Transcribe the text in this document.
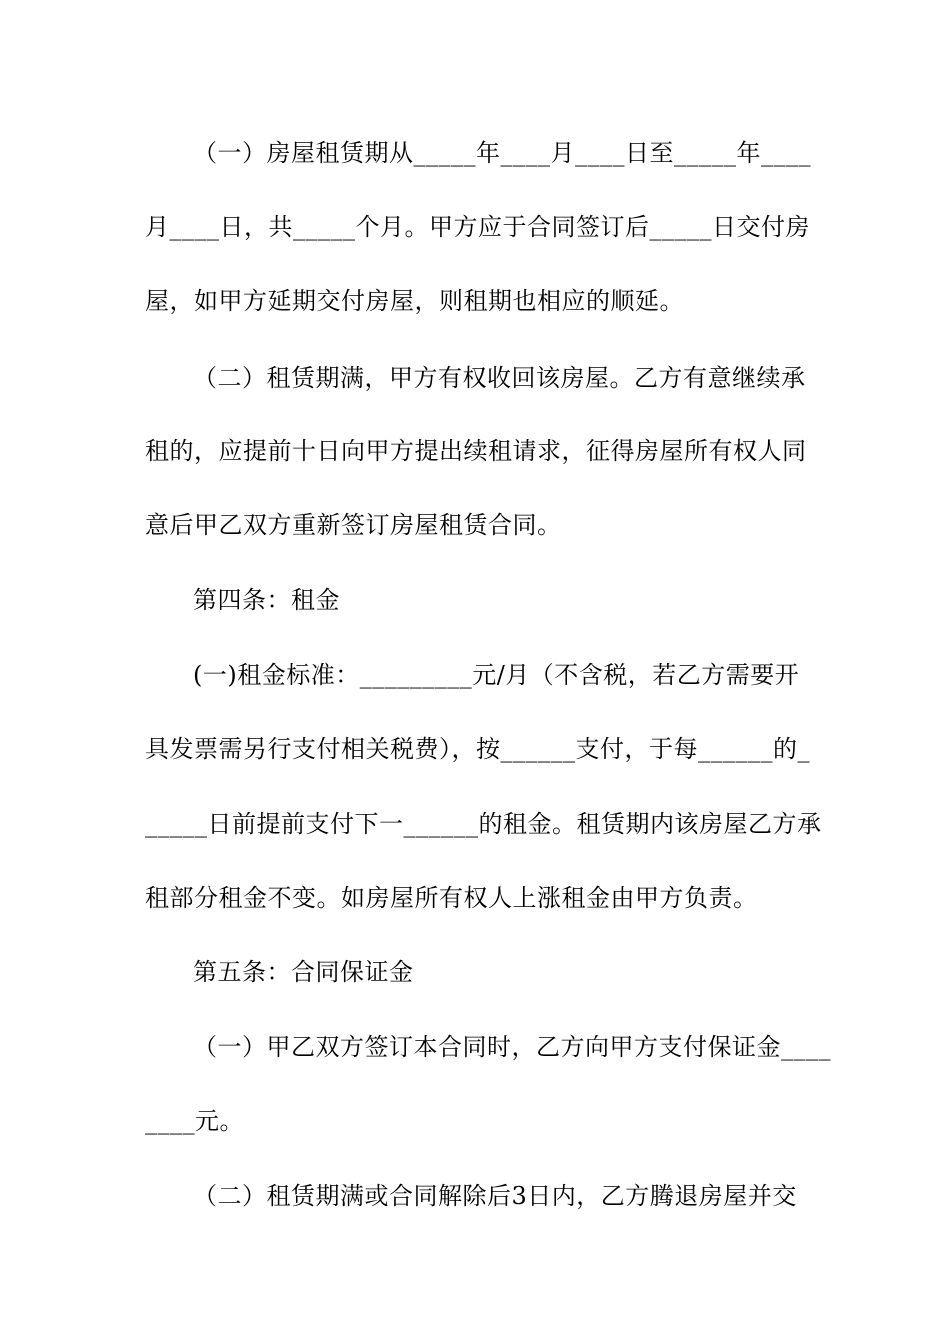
（一）房屋租赁期从_____年____月____日至_____年____
月____日，共_____个月。甲方应于合同签订后_____日交付房
屋，如甲方延期交付房屋，则租期也相应的顺延。
（二）租赁期满，甲方有权收回该房屋。乙方有意继续承
租的，应提前十日向甲方提出续租请求，征得房屋所有权人同
意后甲乙双方重新签订房屋租赁合同。
第四条：租金
(一)租金标准：_________元/月（不含税，若乙方需要开
具发票需另行支付相关税费），按______支付，于每______的_
_____日前提前支付下一______的租金。租赁期内该房屋乙方承
租部分租金不变。如房屋所有权人上涨租金由甲方负责。
第五条：合同保证金
（一）甲乙双方签订本合同时，乙方向甲方支付保证金____
____元。
（二）租赁期满或合同解除后3日内，乙方腾退房屋并交
